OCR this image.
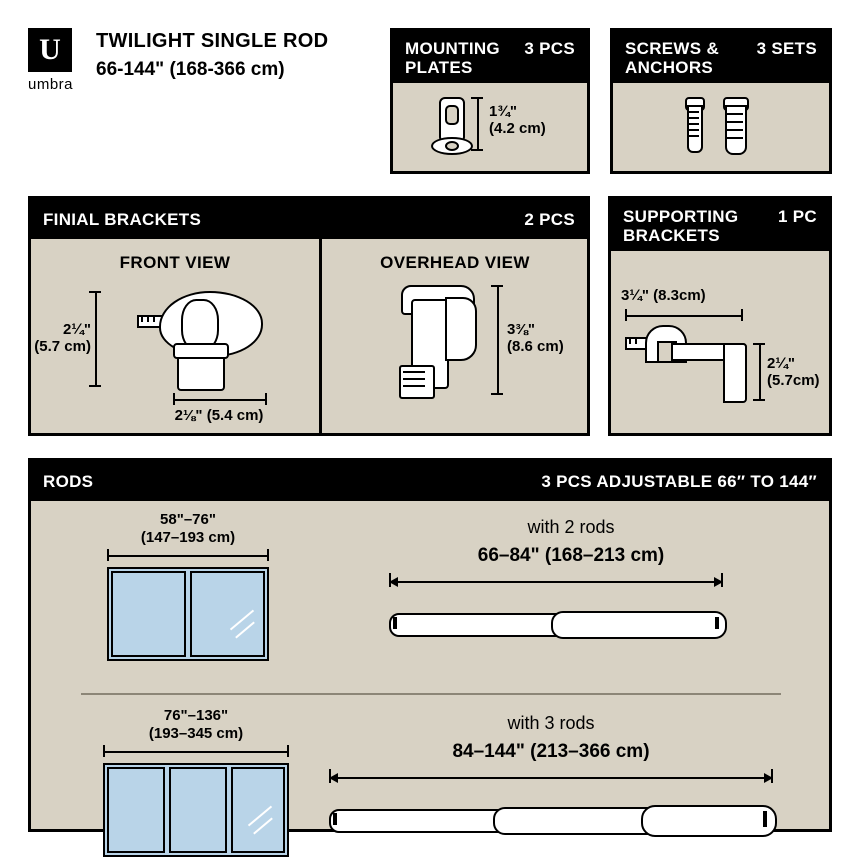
U
umbra
TWILIGHT SINGLE ROD
66-144" (168-366 cm)
MOUNTING PLATES
3 PCS
1¾"
(4.2 cm)
SCREWS & ANCHORS
3 SETS
FINIAL BRACKETS	2 PCS
FRONT VIEW
2¼"
(5.7 cm)
2⅛" (5.4 cm)
OVERHEAD VIEW
3⅜"
(8.6 cm)
SUPPORTING BRACKETS
1 PC
3¼" (8.3cm)
2¼"
(5.7cm)
RODS	3 PCS ADJUSTABLE 66″ TO 144″
58"–76"
(147–193 cm)
with 2 rods
66–84" (168–213 cm)
76"–136"
(193–345 cm)
with 3 rods
84–144" (213–366 cm)
